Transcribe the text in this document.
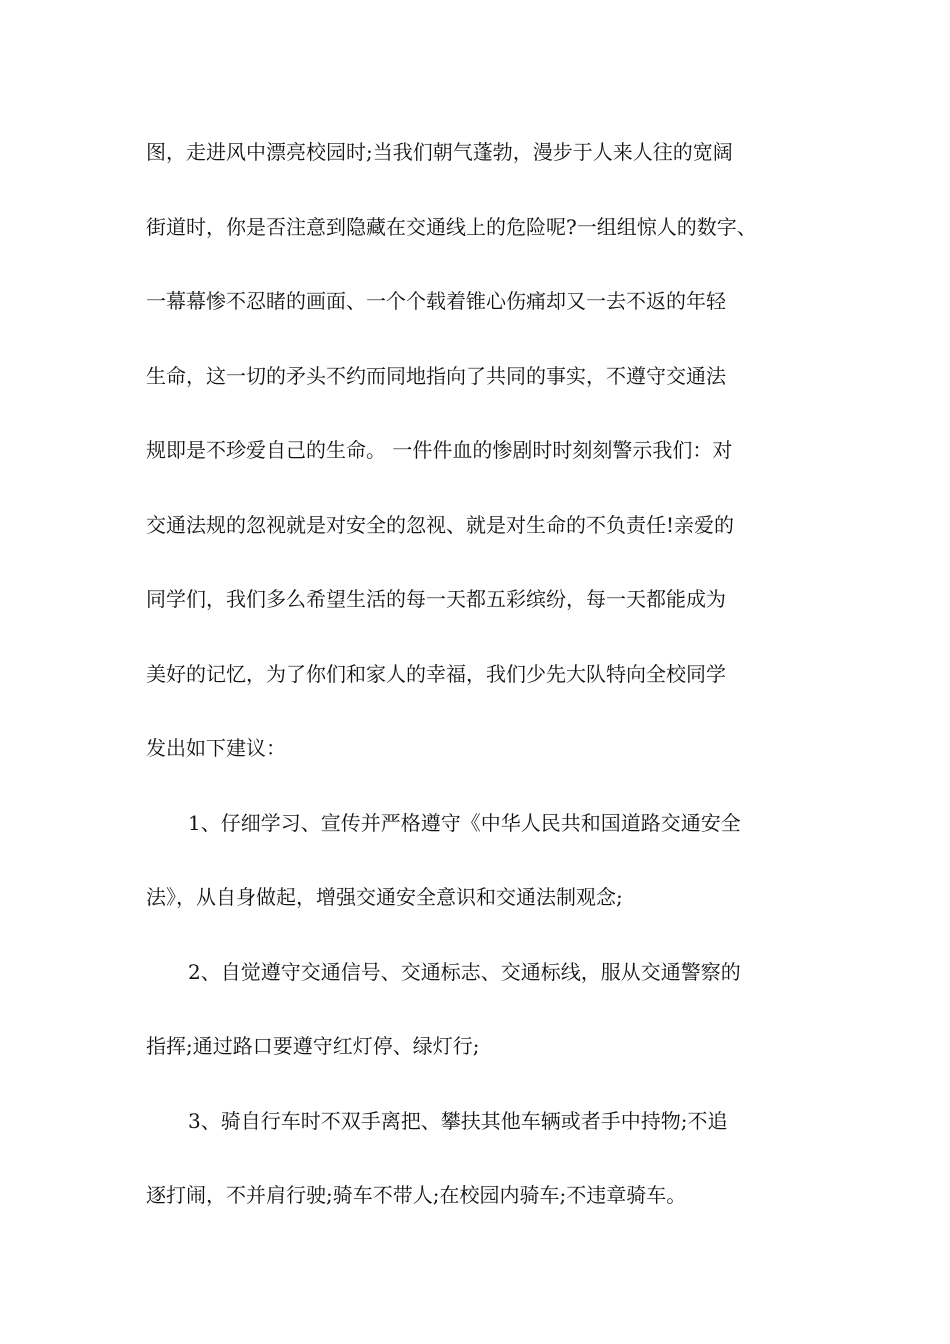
图，走进风中漂亮校园时;当我们朝气蓬勃，漫步于人来人往的宽阔
街道时，你是否注意到隐藏在交通线上的危险呢?一组组惊人的数字、
一幕幕惨不忍睹的画面、一个个载着锥心伤痛却又一去不返的年轻
生命，这一切的矛头不约而同地指向了共同的事实，不遵守交通法
规即是不珍爱自己的生命。 一件件血的惨剧时时刻刻警示我们：对
交通法规的忽视就是对安全的忽视、就是对生命的不负责任!亲爱的
同学们，我们多么希望生活的每一天都五彩缤纷，每一天都能成为
美好的记忆，为了你们和家人的幸福，我们少先大队特向全校同学
发出如下建议：
1、仔细学习、宣传并严格遵守《中华人民共和国道路交通安全
法》，从自身做起，增强交通安全意识和交通法制观念;
2、自觉遵守交通信号、交通标志、交通标线，服从交通警察的
指挥;通过路口要遵守红灯停、绿灯行;
3、骑自行车时不双手离把、攀扶其他车辆或者手中持物;不追
逐打闹，不并肩行驶;骑车不带人;在校园内骑车;不违章骑车。
